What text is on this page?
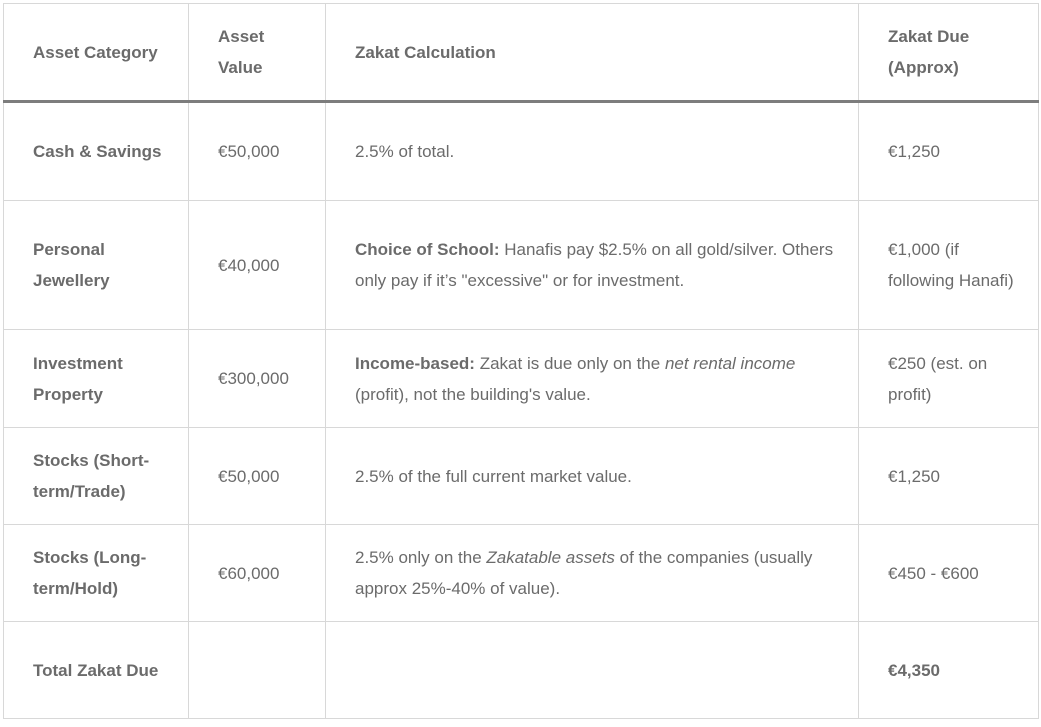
Asset Category	Asset Value	Zakat Calculation	Zakat Due (Approx)
Cash & Savings	€50,000	2.5% of total.	€1,250
Personal Jewellery	€40,000	Choice of School: Hanafis pay $2.5% on all gold/silver. Others only pay if it’s "excessive" or for investment.	€1,000 (if following Hanafi)
Investment Property	€300,000	Income-based: Zakat is due only on the net rental income (profit), not the building's value.	€250 (est. on profit)
Stocks (Short-term/Trade)	€50,000	2.5% of the full current market value.	€1,250
Stocks (Long-term/Hold)	€60,000	2.5% only on the Zakatable assets of the companies (usually approx 25%-40% of value).	€450 - €600
Total Zakat Due			€4,350
